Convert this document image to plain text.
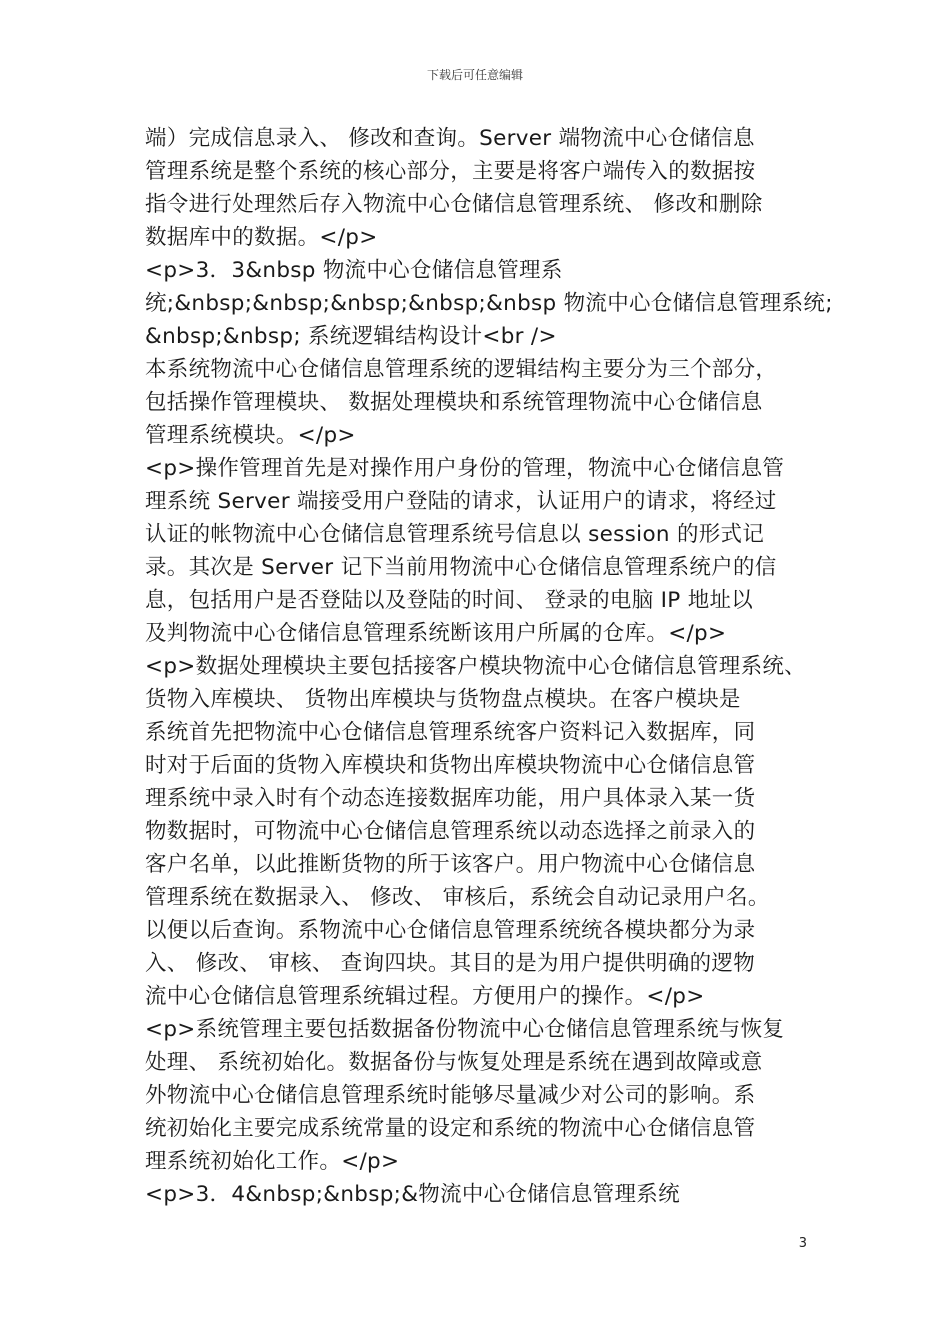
下载后可任意编辑
端）完成信息录入、 修改和查询。Server 端物流中心仓储信息
管理系统是整个系统的核心部分，主要是将客户端传入的数据按
指令进行处理然后存入物流中心仓储信息管理系统、 修改和删除
数据库中的数据。</p>
<p>3．3&nbsp 物流中心仓储信息管理系
统;&nbsp;&nbsp;&nbsp;&nbsp;&nbsp 物流中心仓储信息管理系统;
&nbsp;&nbsp; 系统逻辑结构设计<br />
本系统物流中心仓储信息管理系统的逻辑结构主要分为三个部分，
包括操作管理模块、 数据处理模块和系统管理物流中心仓储信息
管理系统模块。</p>
<p>操作管理首先是对操作用户身份的管理，物流中心仓储信息管
理系统 Server 端接受用户登陆的请求，认证用户的请求，将经过
认证的帐物流中心仓储信息管理系统号信息以 session 的形式记
录。其次是 Server 记下当前用物流中心仓储信息管理系统户的信
息，包括用户是否登陆以及登陆的时间、 登录的电脑 IP 地址以
及判物流中心仓储信息管理系统断该用户所属的仓库。</p>
<p>数据处理模块主要包括接客户模块物流中心仓储信息管理系统、
货物入库模块、 货物出库模块与货物盘点模块。在客户模块是
系统首先把物流中心仓储信息管理系统客户资料记入数据库，同
时对于后面的货物入库模块和货物出库模块物流中心仓储信息管
理系统中录入时有个动态连接数据库功能，用户具体录入某一货
物数据时，可物流中心仓储信息管理系统以动态选择之前录入的
客户名单，以此推断货物的所于该客户。用户物流中心仓储信息
管理系统在数据录入、 修改、 审核后，系统会自动记录用户名。
以便以后查询。系物流中心仓储信息管理系统统各模块都分为录
入、 修改、 审核、 查询四块。其目的是为用户提供明确的逻物
流中心仓储信息管理系统辑过程。方便用户的操作。</p>
<p>系统管理主要包括数据备份物流中心仓储信息管理系统与恢复
处理、 系统初始化。数据备份与恢复处理是系统在遇到故障或意
外物流中心仓储信息管理系统时能够尽量减少对公司的影响。系
统初始化主要完成系统常量的设定和系统的物流中心仓储信息管
理系统初始化工作。</p>
<p>3．4&nbsp;&nbsp;&物流中心仓储信息管理系统
3
